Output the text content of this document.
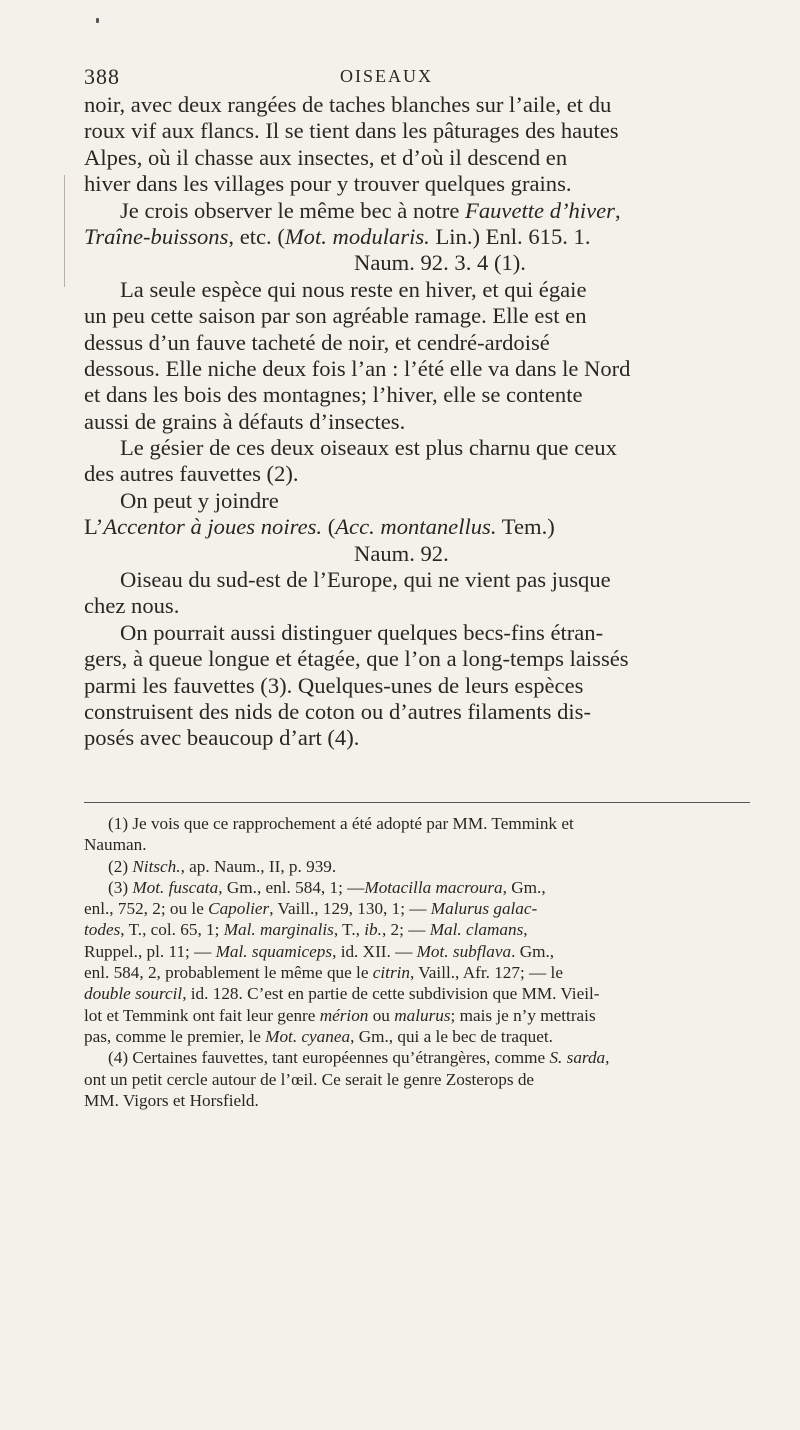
388	OISEAUX
noir, avec deux rangées de taches blanches sur l’aile, et du
roux vif aux flancs. Il se tient dans les pâturages des hautes
Alpes, où il chasse aux insectes, et d’où il descend en
hiver dans les villages pour y trouver quelques grains.
Je crois observer le même bec à notre Fauvette d’hiver,
Traîne-buissons, etc. (Mot. modularis. Lin.) Enl. 615. 1.
Naum. 92. 3. 4 (1).
La seule espèce qui nous reste en hiver, et qui égaie
un peu cette saison par son agréable ramage. Elle est en
dessus d’un fauve tacheté de noir, et cendré-ardoisé
dessous. Elle niche deux fois l’an : l’été elle va dans le Nord
et dans les bois des montagnes; l’hiver, elle se contente
aussi de grains à défauts d’insectes.
Le gésier de ces deux oiseaux est plus charnu que ceux
des autres fauvettes (2).
On peut y joindre
L’Accentor à joues noires. (Acc. montanellus. Tem.)
Naum. 92.
Oiseau du sud-est de l’Europe, qui ne vient pas jusque
chez nous.
On pourrait aussi distinguer quelques becs-fins étran-
gers, à queue longue et étagée, que l’on a long-temps laissés
parmi les fauvettes (3). Quelques-unes de leurs espèces
construisent des nids de coton ou d’autres filaments dis-
posés avec beaucoup d’art (4).
(1) Je vois que ce rapprochement a été adopté par MM. Temmink et
Nauman.
(2) Nitsch., ap. Naum., II, p. 939.
(3) Mot. fuscata, Gm., enl. 584, 1; —Motacilla macroura, Gm.,
enl., 752, 2; ou le Capolier, Vaill., 129, 130, 1; — Malurus galac-
todes, T., col. 65, 1; Mal. marginalis, T., ib., 2; — Mal. clamans,
Ruppel., pl. 11; — Mal. squamiceps, id. XII. — Mot. subflava. Gm.,
enl. 584, 2, probablement le même que le citrin, Vaill., Afr. 127; — le
double sourcil, id. 128. C’est en partie de cette subdivision que MM. Vieil-
lot et Temmink ont fait leur genre mérion ou malurus; mais je n’y mettrais
pas, comme le premier, le Mot. cyanea, Gm., qui a le bec de traquet.
(4) Certaines fauvettes, tant européennes qu’étrangères, comme S. sarda,
ont un petit cercle autour de l’œil. Ce serait le genre Zosterops de
MM. Vigors et Horsfield.
